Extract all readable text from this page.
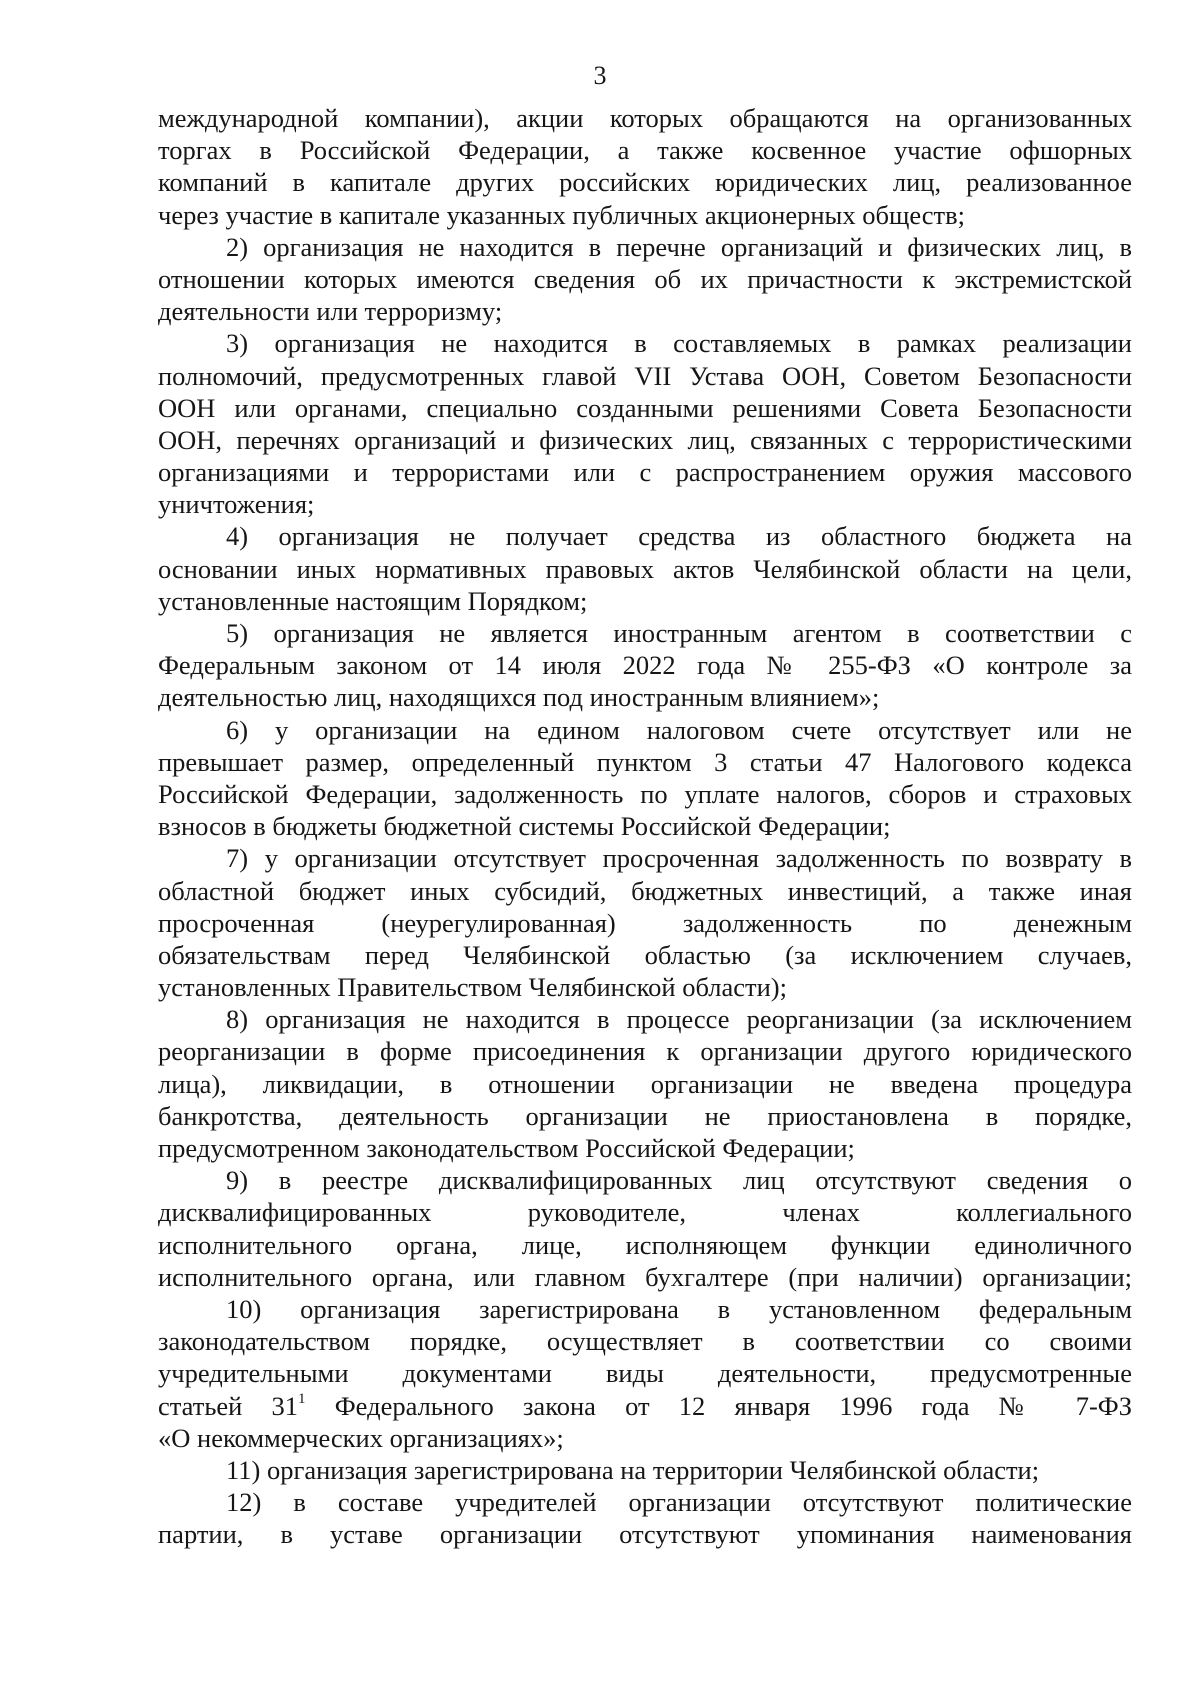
3
международной компании), акции которых обращаются на организованных
торгах в Российской Федерации, а также косвенное участие офшорных
компаний в капитале других российских юридических лиц, реализованное
через участие в капитале указанных публичных акционерных обществ;
2) организация не находится в перечне организаций и физических лиц, в
отношении которых имеются сведения об их причастности к экстремистской
деятельности или терроризму;
3) организация не находится в составляемых в рамках реализации
полномочий, предусмотренных главой VII Устава ООН, Советом Безопасности
ООН или органами, специально созданными решениями Совета Безопасности
ООН, перечнях организаций и физических лиц, связанных с террористическими
организациями и террористами или с распространением оружия массового
уничтожения;
4) организация не получает средства из областного бюджета на
основании иных нормативных правовых актов Челябинской области на цели,
установленные настоящим Порядком;
5) организация не является иностранным агентом в соответствии с
Федеральным законом от 14 июля 2022 года № 255-ФЗ «О контроле за
деятельностью лиц, находящихся под иностранным влиянием»;
6) у организации на едином налоговом счете отсутствует или не
превышает размер, определенный пунктом 3 статьи 47 Налогового кодекса
Российской Федерации, задолженность по уплате налогов, сборов и страховых
взносов в бюджеты бюджетной системы Российской Федерации;
7) у организации отсутствует просроченная задолженность по возврату в
областной бюджет иных субсидий, бюджетных инвестиций, а также иная
просроченная (неурегулированная) задолженность по денежным
обязательствам перед Челябинской областью (за исключением случаев,
установленных Правительством Челябинской области);
8) организация не находится в процессе реорганизации (за исключением
реорганизации в форме присоединения к организации другого юридического
лица), ликвидации, в отношении организации не введена процедура
банкротства, деятельность организации не приостановлена в порядке,
предусмотренном законодательством Российской Федерации;
9) в реестре дисквалифицированных лиц отсутствуют сведения о
дисквалифицированных руководителе, членах коллегиального
исполнительного органа, лице, исполняющем функции единоличного
исполнительного органа, или главном бухгалтере (при наличии) организации;
10) организация зарегистрирована в установленном федеральным
законодательством порядке, осуществляет в соответствии со своими
учредительными документами виды деятельности, предусмотренные
статьей $31^1$ Федерального закона от 12 января 1996 года № 7-ФЗ
«О некоммерческих организациях»;
11) организация зарегистрирована на территории Челябинской области;
12) в составе учредителей организации отсутствуют политические
партии, в уставе организации отсутствуют упоминания наименования
